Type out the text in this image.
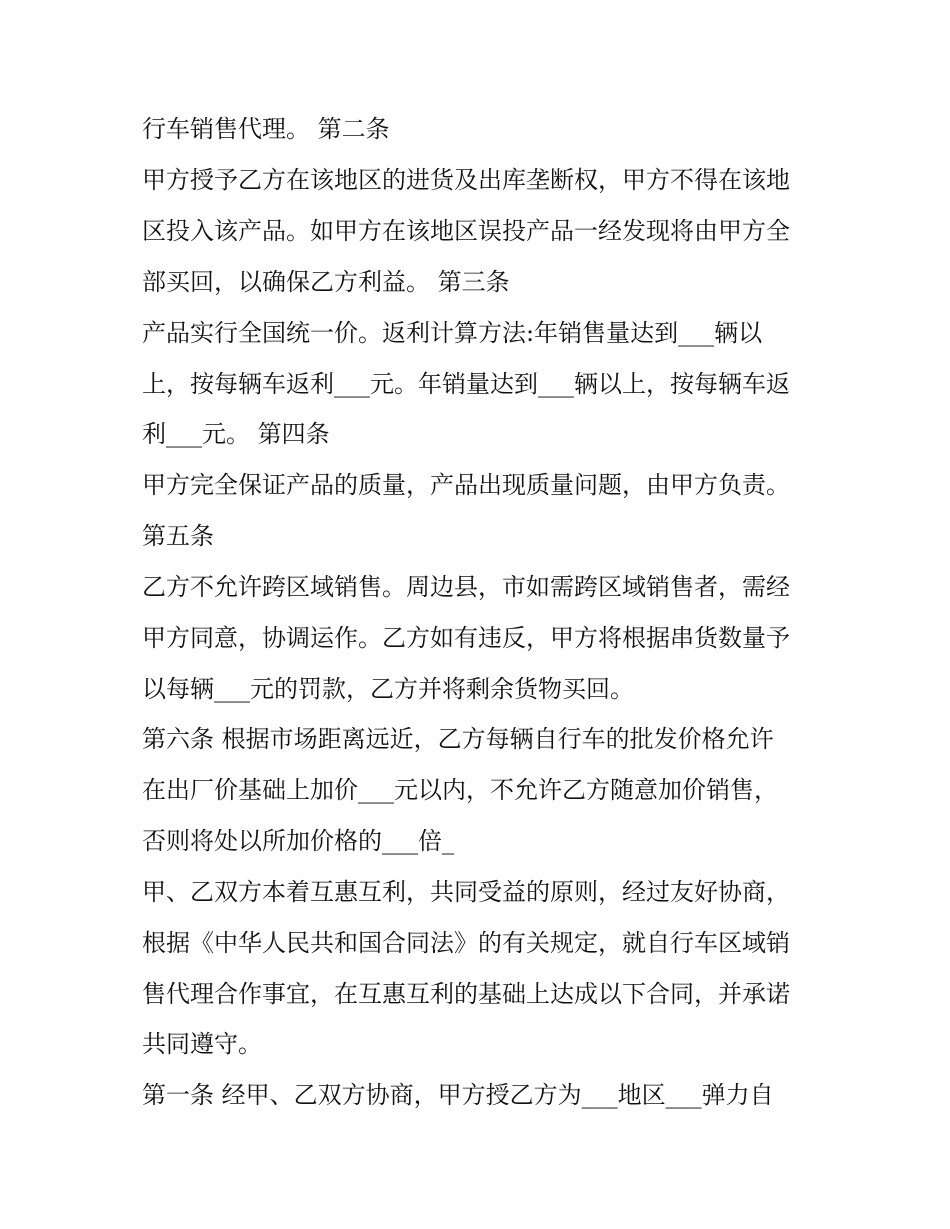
行车销售代理。 第二条
甲方授予乙方在该地区的进货及出库垄断权，甲方不得在该地
区投入该产品。如甲方在该地区误投产品一经发现将由甲方全
部买回，以确保乙方利益。 第三条
产品实行全国统一价。返利计算方法:年销售量达到___辆以
上，按每辆车返利___元。年销量达到___辆以上，按每辆车返
利___元。 第四条
甲方完全保证产品的质量，产品出现质量问题，由甲方负责。
第五条
乙方不允许跨区域销售。周边县，市如需跨区域销售者，需经
甲方同意，协调运作。乙方如有违反，甲方将根据串货数量予
以每辆___元的罚款，乙方并将剩余货物买回。
第六条 根据市场距离远近，乙方每辆自行车的批发价格允许
在出厂价基础上加价___元以内，不允许乙方随意加价销售，
否则将处以所加价格的___倍_
甲、乙双方本着互惠互利，共同受益的原则，经过友好协商，
根据《中华人民共和国合同法》的有关规定，就自行车区域销
售代理合作事宜，在互惠互利的基础上达成以下合同，并承诺
共同遵守。
第一条 经甲、乙双方协商，甲方授乙方为___地区___弹力自
